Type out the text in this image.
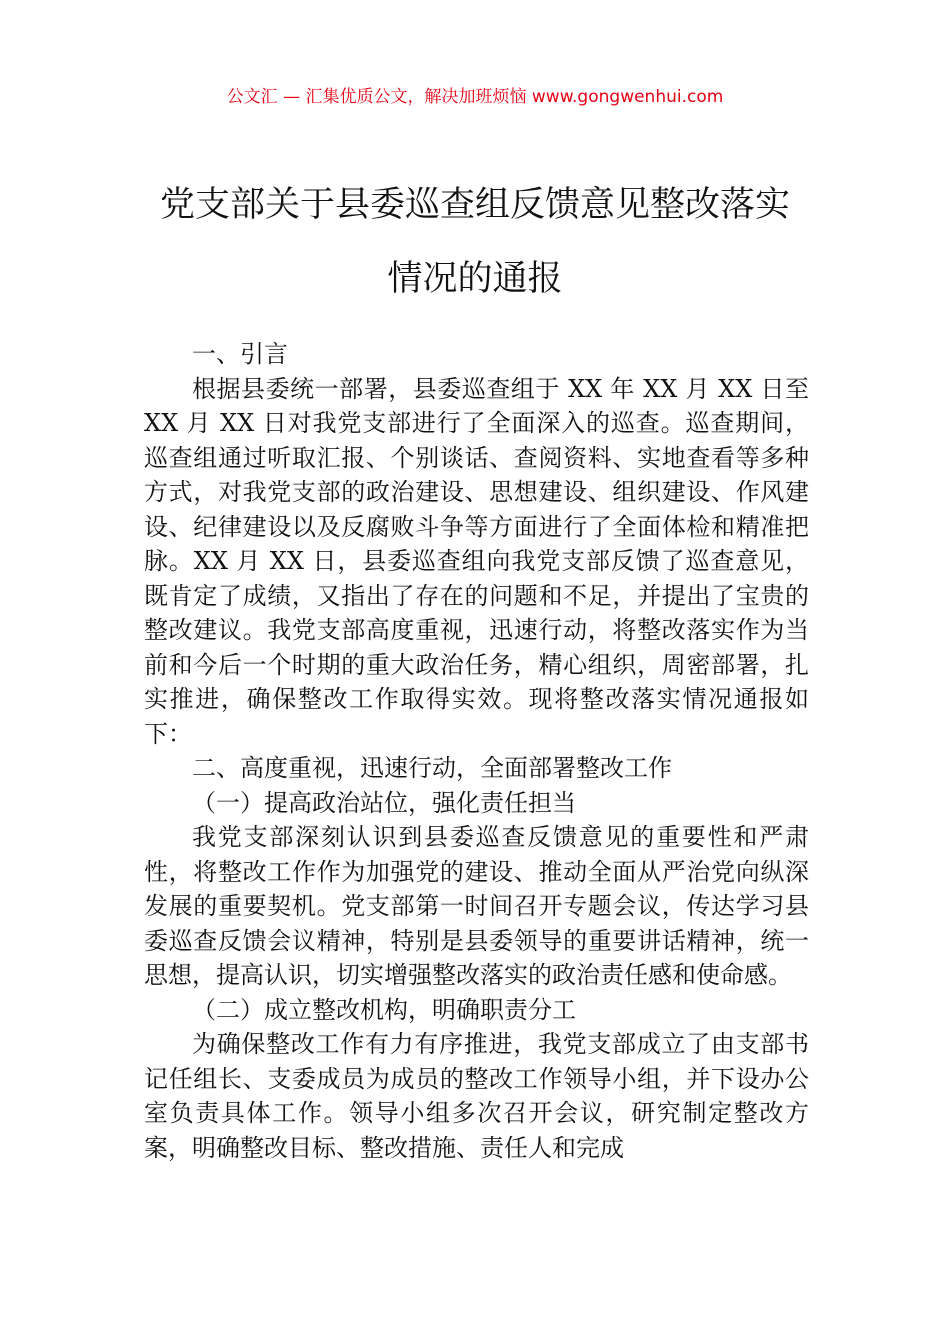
公文汇 — 汇集优质公文，解决加班烦恼 www.gongwenhui.com
党支部关于县委巡查组反馈意见整改落实
情况的通报

一、引言

根据县委统一部署，县委巡查组于 XX 年 XX 月 XX 日至 XX 月 XX 日对我党支部进行了全面深入的巡查。巡查期间，巡查组通过听取汇报、个别谈话、查阅资料、实地查看等多种方式，对我党支部的政治建设、思想建设、组织建设、作风建设、纪律建设以及反腐败斗争等方面进行了全面体检和精准把脉。XX 月 XX 日，县委巡查组向我党支部反馈了巡查意见，既肯定了成绩，又指出了存在的问题和不足，并提出了宝贵的整改建议。我党支部高度重视，迅速行动，将整改落实作为当前和今后一个时期的重大政治任务，精心组织，周密部署，扎实推进，确保整改工作取得实效。现将整改落实情况通报如下：

二、高度重视，迅速行动，全面部署整改工作

（一）提高政治站位，强化责任担当

我党支部深刻认识到县委巡查反馈意见的重要性和严肃性，将整改工作作为加强党的建设、推动全面从严治党向纵深发展的重要契机。党支部第一时间召开专题会议，传达学习县委巡查反馈会议精神，特别是县委领导的重要讲话精神，统一思想，提高认识，切实增强整改落实的政治责任感和使命感。

（二）成立整改机构，明确职责分工

为确保整改工作有力有序推进，我党支部成立了由支部书记任组长、支委成员为成员的整改工作领导小组，并下设办公室负责具体工作。领导小组多次召开会议，研究制定整改方案，明确整改目标、整改措施、责任人和完成
